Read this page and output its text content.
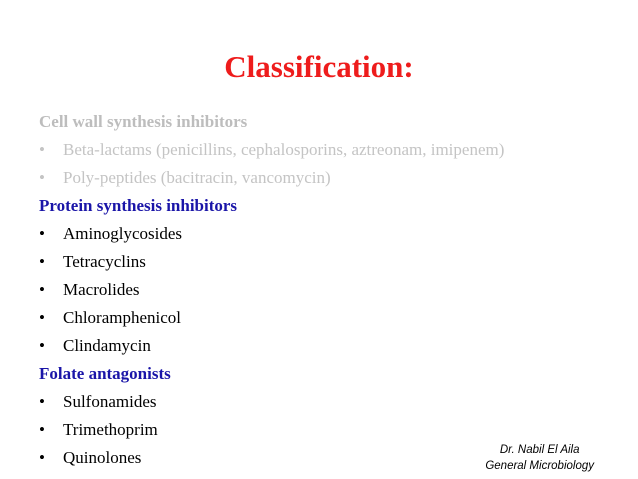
Classification:
Cell wall synthesis inhibitors
• Beta-lactams (penicillins, cephalosporins, aztreonam, imipenem)
• Poly-peptides (bacitracin, vancomycin)
Protein synthesis inhibitors
• Aminoglycosides
• Tetracyclins
• Macrolides
• Chloramphenicol
• Clindamycin
Folate antagonists
• Sulfonamides
• Trimethoprim
• Quinolones	Dr. Nabil El Aila
General Microbiology
